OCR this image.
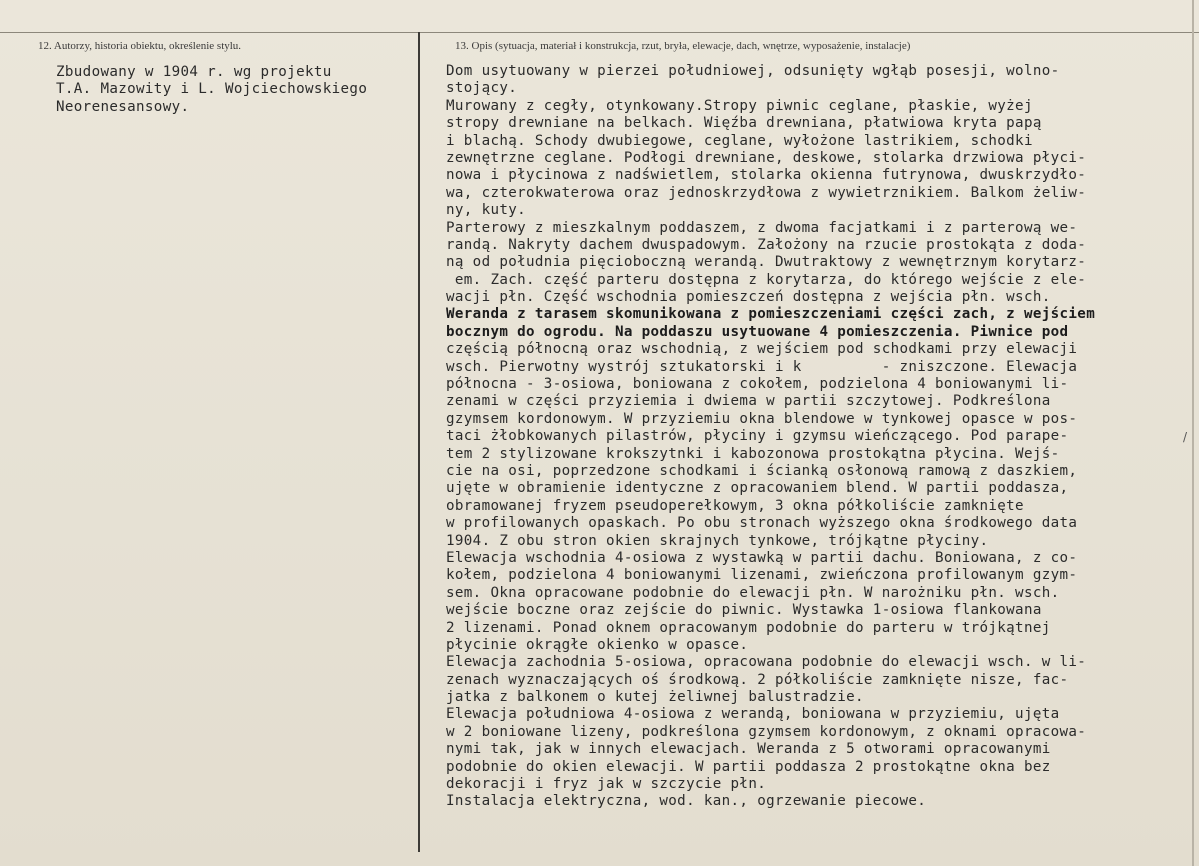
12. Autorzy, historia obiektu, określenie stylu.	13. Opis (sytuacja, materiał i konstrukcja, rzut, bryła, elewacje, dach, wnętrze, wyposażenie, instalacje)
Zbudowany w 1904 r. wg projektu
T.A. Mazowity i L. Wojciechowskiego
Neorenesansowy.
Dom usytuowany w pierzei południowej, odsunięty wgłąb posesji, wolno-
stojący.
Murowany z cegły, otynkowany.Stropy piwnic ceglane, płaskie, wyżej
stropy drewniane na belkach. Więźba drewniana, płatwiowa kryta papą
i blachą. Schody dwubiegowe, ceglane, wyłożone lastrikiem, schodki
zewnętrzne ceglane. Podłogi drewniane, deskowe, stolarka drzwiowa płyci-
nowa i płycinowa z nadświetlem, stolarka okienna futrynowa, dwuskrzydło-
wa, czterokwaterowa oraz jednoskrzydłowa z wywietrznikiem. Balkom żeliw-
ny, kuty.
Parterowy z mieszkalnym poddaszem, z dwoma facjatkami i z parterową we-
randą. Nakryty dachem dwuspadowym. Założony na rzucie prostokąta z doda-
ną od południa pięcioboczną werandą. Dwutraktowy z wewnętrznym korytarz-
em. Zach. część parteru dostępna z korytarza, do którego wejście z ele-
wacji płn. Część wschodnia pomieszczeń dostępna z wejścia płn. wsch.
Weranda z tarasem skomunikowana z pomieszczeniami części zach, z wejściem
bocznym do ogrodu. Na poddaszu usytuowane 4 pomieszczenia. Piwnice pod
częścią północną oraz wschodnią, z wejściem pod schodkami przy elewacji
wsch. Pierwotny wystrój sztukatorski i k         - zniszczone. Elewacja
północna - 3-osiowa, boniowana z cokołem, podzielona 4 boniowanymi li-
zenami w części przyziemia i dwiema w partii szczytowej. Podkreślona
gzymsem kordonowym. W przyziemiu okna blendowe w tynkowej opasce w pos-
taci żłobkowanych pilastrów, płyciny i gzymsu wieńczącego. Pod parape-
tem 2 stylizowane krokszytnki i kabozonowa prostokątna płycina. Wejś-
cie na osi, poprzedzone schodkami i ścianką osłonową ramową z daszkiem,
ujęte w obramienie identyczne z opracowaniem blend. W partii poddasza,
obramowanej fryzem pseudoperełkowym, 3 okna półkoliście zamknięte
w profilowanych opaskach. Po obu stronach wyższego okna środkowego data
1904. Z obu stron okien skrajnych tynkowe, trójkątne płyciny.
Elewacja wschodnia 4-osiowa z wystawką w partii dachu. Boniowana, z co-
kołem, podzielona 4 boniowanymi lizenami, zwieńczona profilowanym gzym-
sem. Okna opracowane podobnie do elewacji płn. W narożniku płn. wsch.
wejście boczne oraz zejście do piwnic. Wystawka 1-osiowa flankowana
2 lizenami. Ponad oknem opracowanym podobnie do parteru w trójkątnej
płycinie okrągłe okienko w opasce.
Elewacja zachodnia 5-osiowa, opracowana podobnie do elewacji wsch. w li-
zenach wyznaczających oś środkową. 2 półkoliście zamknięte nisze, fac-
jatka z balkonem o kutej żeliwnej balustradzie.
Elewacja południowa 4-osiowa z werandą, boniowana w przyziemiu, ujęta
w 2 boniowane lizeny, podkreślona gzymsem kordonowym, z oknami opracowa-
nymi tak, jak w innych elewacjach. Weranda z 5 otworami opracowanymi
podobnie do okien elewacji. W partii poddasza 2 prostokątne okna bez
dekoracji i fryz jak w szczycie płn.
Instalacja elektryczna, wod. kan., ogrzewanie piecowe.
/
